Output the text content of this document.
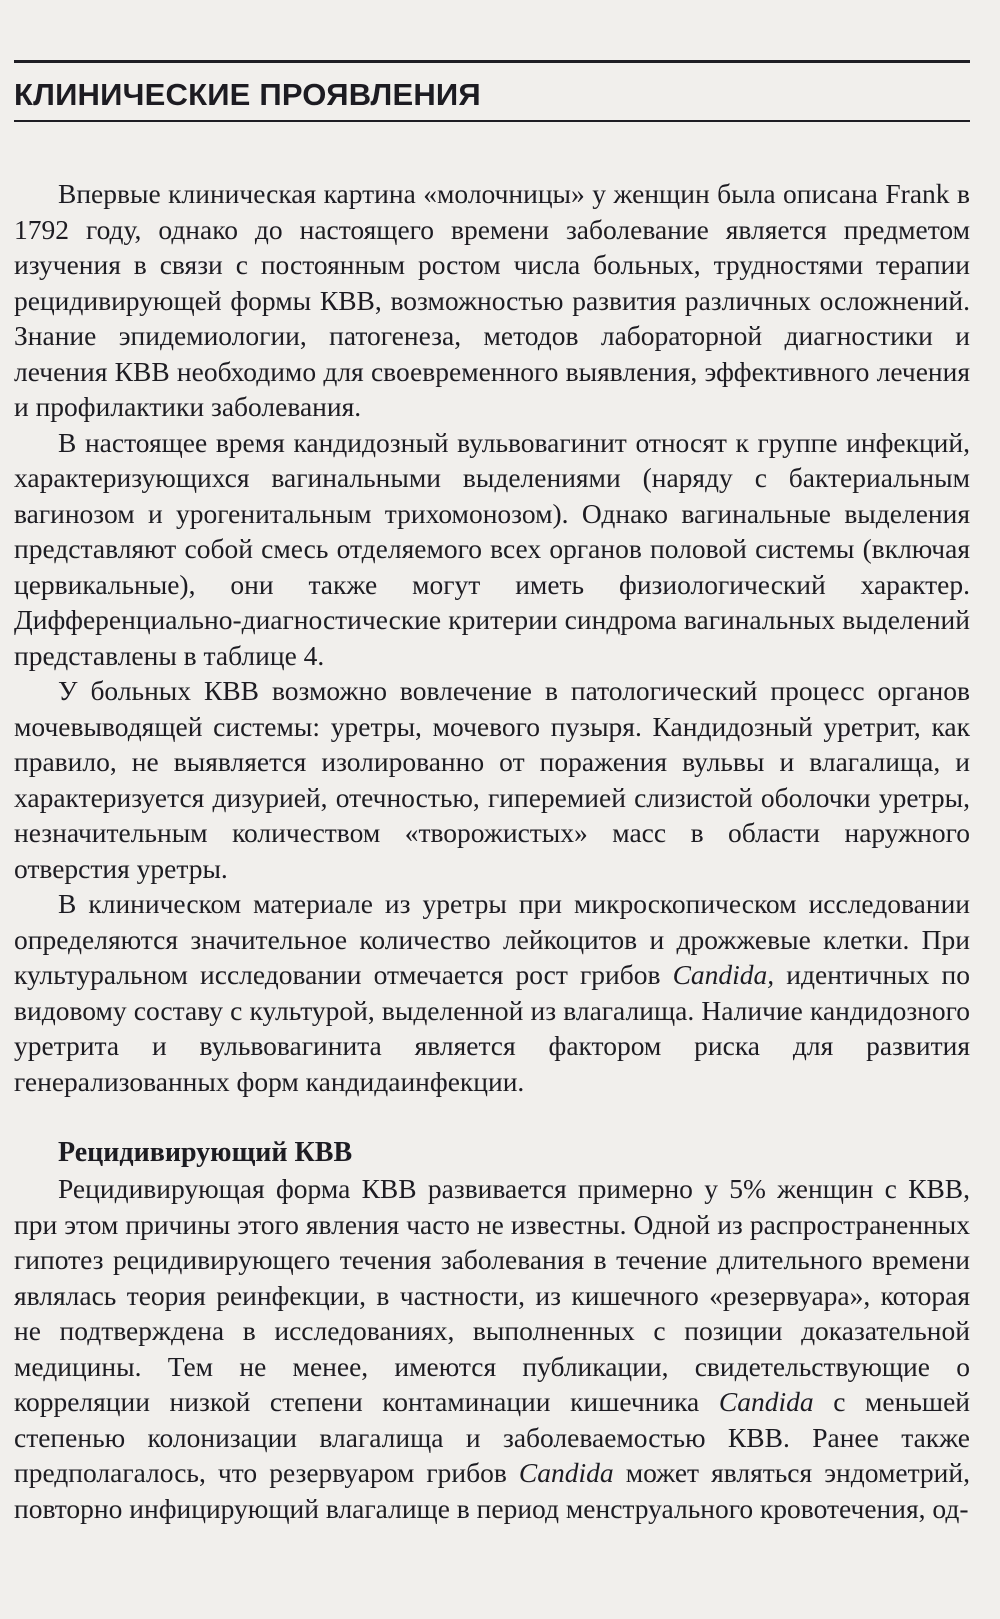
КЛИНИЧЕСКИЕ ПРОЯВЛЕНИЯ

Впервые клиническая картина «молочницы» у женщин была описана Frank в 1792 году, однако до настоящего времени заболевание является предметом изучения в связи с постоянным ростом числа больных, трудностями терапии рецидивирующей формы КВВ, возможностью развития различных осложнений. Знание эпидемиологии, патогенеза, методов лабораторной диагностики и лечения КВВ необходимо для своевременного выявления, эффективного лечения и профилактики заболевания.

В настоящее время кандидозный вульвовагинит относят к группе инфекций, характеризующихся вагинальными выделениями (наряду с бактериальным вагинозом и урогенитальным трихомонозом). Однако вагинальные выделения представляют собой смесь отделяемого всех органов половой системы (включая цервикальные), они также могут иметь физиологический характер. Дифференциально-диагностические критерии синдрома вагинальных выделений представлены в таблице 4.

У больных КВВ возможно вовлечение в патологический процесс органов мочевыводящей системы: уретры, мочевого пузыря. Кандидозный уретрит, как правило, не выявляется изолированно от поражения вульвы и влагалища, и характеризуется дизурией, отечностью, гиперемией слизистой оболочки уретры, незначительным количеством «творожистых» масс в области наружного отверстия уретры.

В клиническом материале из уретры при микроскопическом исследовании определяются значительное количество лейкоцитов и дрожжевые клетки. При культуральном исследовании отмечается рост грибов Candida, идентичных по видовому составу с культурой, выделенной из влагалища. Наличие кандидозного уретрита и вульвовагинита является фактором риска для развития генерализованных форм кандидаинфекции.

Рецидивирующий КВВ

Рецидивирующая форма КВВ развивается примерно у 5% женщин с КВВ, при этом причины этого явления часто не известны. Одной из распространенных гипотез рецидивирующего течения заболевания в течение длительного времени являлась теория реинфекции, в частности, из кишечного «резервуара», которая не подтверждена в исследованиях, выполненных с позиции доказательной медицины. Тем не менее, имеются публикации, свидетельствующие о корреляции низкой степени контаминации кишечника Candida с меньшей степенью колонизации влагалища и заболеваемостью КВВ. Ранее также предполагалось, что резервуаром грибов Candida может являться эндометрий, повторно инфицирующий влагалище в период менструального кровотечения, од-
